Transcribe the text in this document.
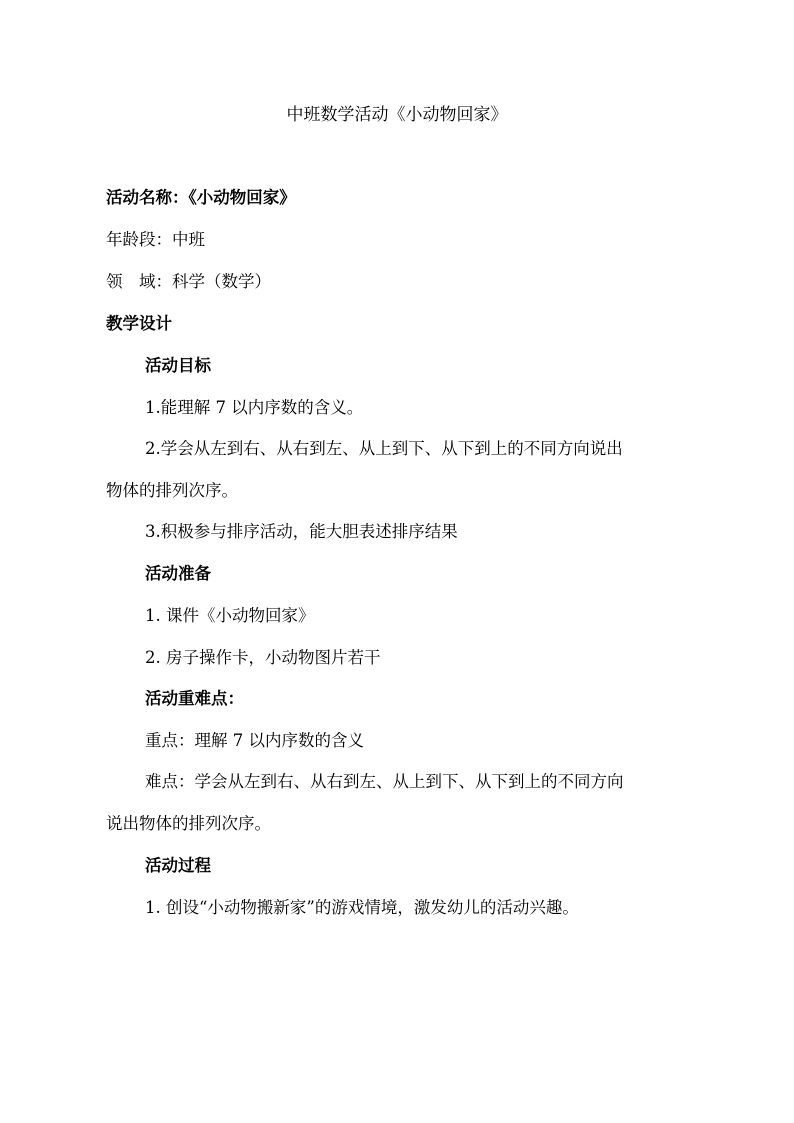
中班数学活动《小动物回家》
活动名称：《小动物回家》
年龄段：中班
领　域：科学（数学）
教学设计
活动目标
1.能理解 7 以内序数的含义。
2.学会从左到右、从右到左、从上到下、从下到上的不同方向说出
物体的排列次序。
3.积极参与排序活动，能大胆表述排序结果
活动准备
1. 课件《小动物回家》
2. 房子操作卡，小动物图片若干
活动重难点：
重点：理解 7 以内序数的含义
难点：学会从左到右、从右到左、从上到下、从下到上的不同方向
说出物体的排列次序。
活动过程
1. 创设“小动物搬新家”的游戏情境，激发幼儿的活动兴趣。
